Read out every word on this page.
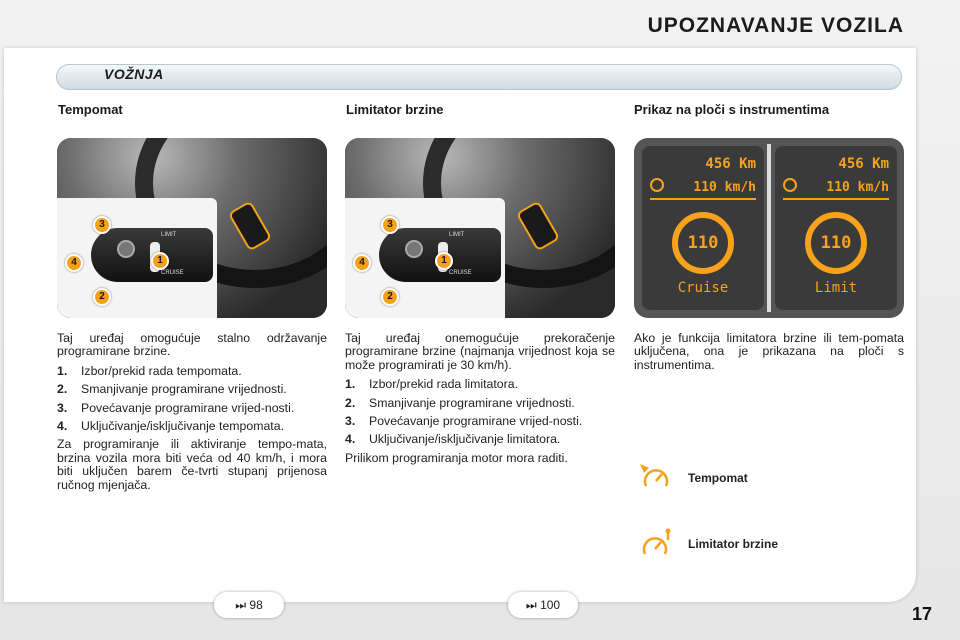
UPOZNAVANJE VOZILA
VOŽNJA
Tempomat	Limitator brzine	Prikaz na ploči s instrumentima
LIMIT
CRUISE
3
4	1
2
LIMIT
CRUISE
3
4	1
2
456 Km
110 km/h
110
Cruise
456 Km
110 km/h
110
Limit

Taj uređaj omogućuje stalno održavanje programirane brzine.

1.	Izbor/prekid rada tempomata.
2.	Smanjivanje programirane vrijednosti.
3.	Povećavanje programirane vrijed-nosti.
4.	Uključivanje/isključivanje tempomata.

Za programiranje ili aktiviranje tempo-mata, brzina vozila mora biti veća od 40 km/h, i mora biti uključen barem če-tvrti stupanj prijenosa ručnog mjenjača.

Taj uređaj onemogućuje prekoračenje programirane brzine (najmanja vrijednost koja se može programirati je 30 km/h).

1.	Izbor/prekid rada limitatora.
2.	Smanjivanje programirane vrijednosti.
3.	Povećavanje programirane vrijed-nosti.
4.	Uključivanje/isključivanje limitatora.

Prilikom programiranja motor mora raditi.

Ako je funkcija limitatora brzine ili tem-pomata uključena, ona je prikazana na ploči s instrumentima.

Tempomat
Limitator brzine
⏭ 98	⏭ 100	17
